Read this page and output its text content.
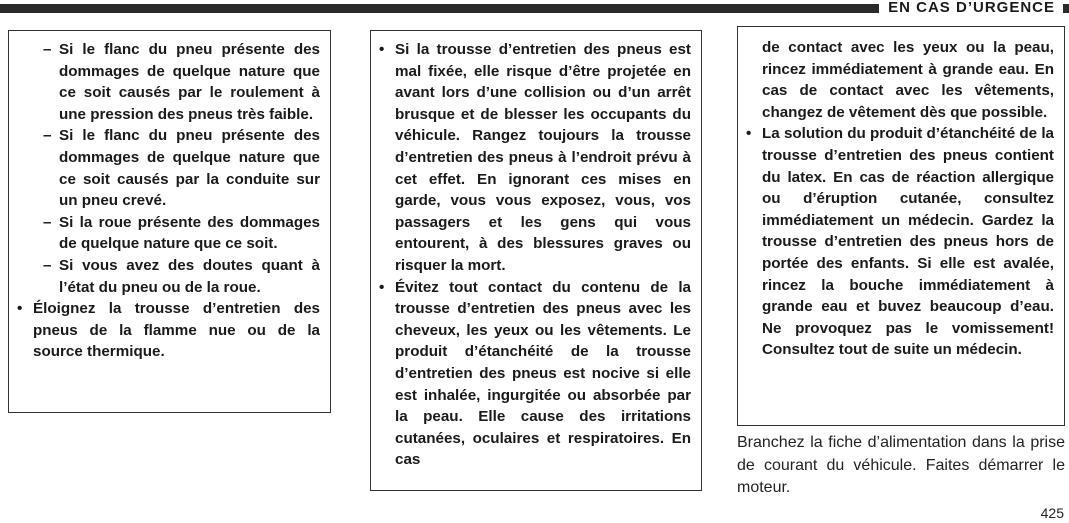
EN CAS D’URGENCE
– Si le flanc du pneu présente des dommages de quelque nature que ce soit causés par le roulement à une pression des pneus très faible.
– Si le flanc du pneu présente des dommages de quelque nature que ce soit causés par la conduite sur un pneu crevé.
– Si la roue présente des dommages de quelque nature que ce soit.
– Si vous avez des doutes quant à l’état du pneu ou de la roue.
• Éloignez la trousse d’entretien des pneus de la flamme nue ou de la source thermique.
• Si la trousse d’entretien des pneus est mal fixée, elle risque d’être projetée en avant lors d’une collision ou d’un arrêt brusque et de blesser les occupants du véhicule. Rangez toujours la trousse d’entretien des pneus à l’endroit prévu à cet effet. En ignorant ces mises en garde, vous vous exposez, vous, vos passagers et les gens qui vous entourent, à des blessures graves ou risquer la mort.
• Évitez tout contact du contenu de la trousse d’entretien des pneus avec les cheveux, les yeux ou les vêtements. Le produit d’étanchéité de la trousse d’entretien des pneus est nocive si elle est inhalée, ingurgitée ou absorbée par la peau. Elle cause des irritations cutanées, oculaires et respiratoires. En cas
de contact avec les yeux ou la peau, rincez immédiatement à grande eau. En cas de contact avec les vêtements, changez de vêtement dès que possible.
• La solution du produit d’étanchéité de la trousse d’entretien des pneus contient du latex. En cas de réaction allergique ou d’éruption cutanée, consultez immédiatement un médecin. Gardez la trousse d’entretien des pneus hors de portée des enfants. Si elle est avalée, rincez la bouche immédiatement à grande eau et buvez beaucoup d’eau. Ne provoquez pas le vomissement! Consultez tout de suite un médecin.
Branchez la fiche d’alimentation dans la prise de courant du véhicule. Faites démarrer le moteur.
425
